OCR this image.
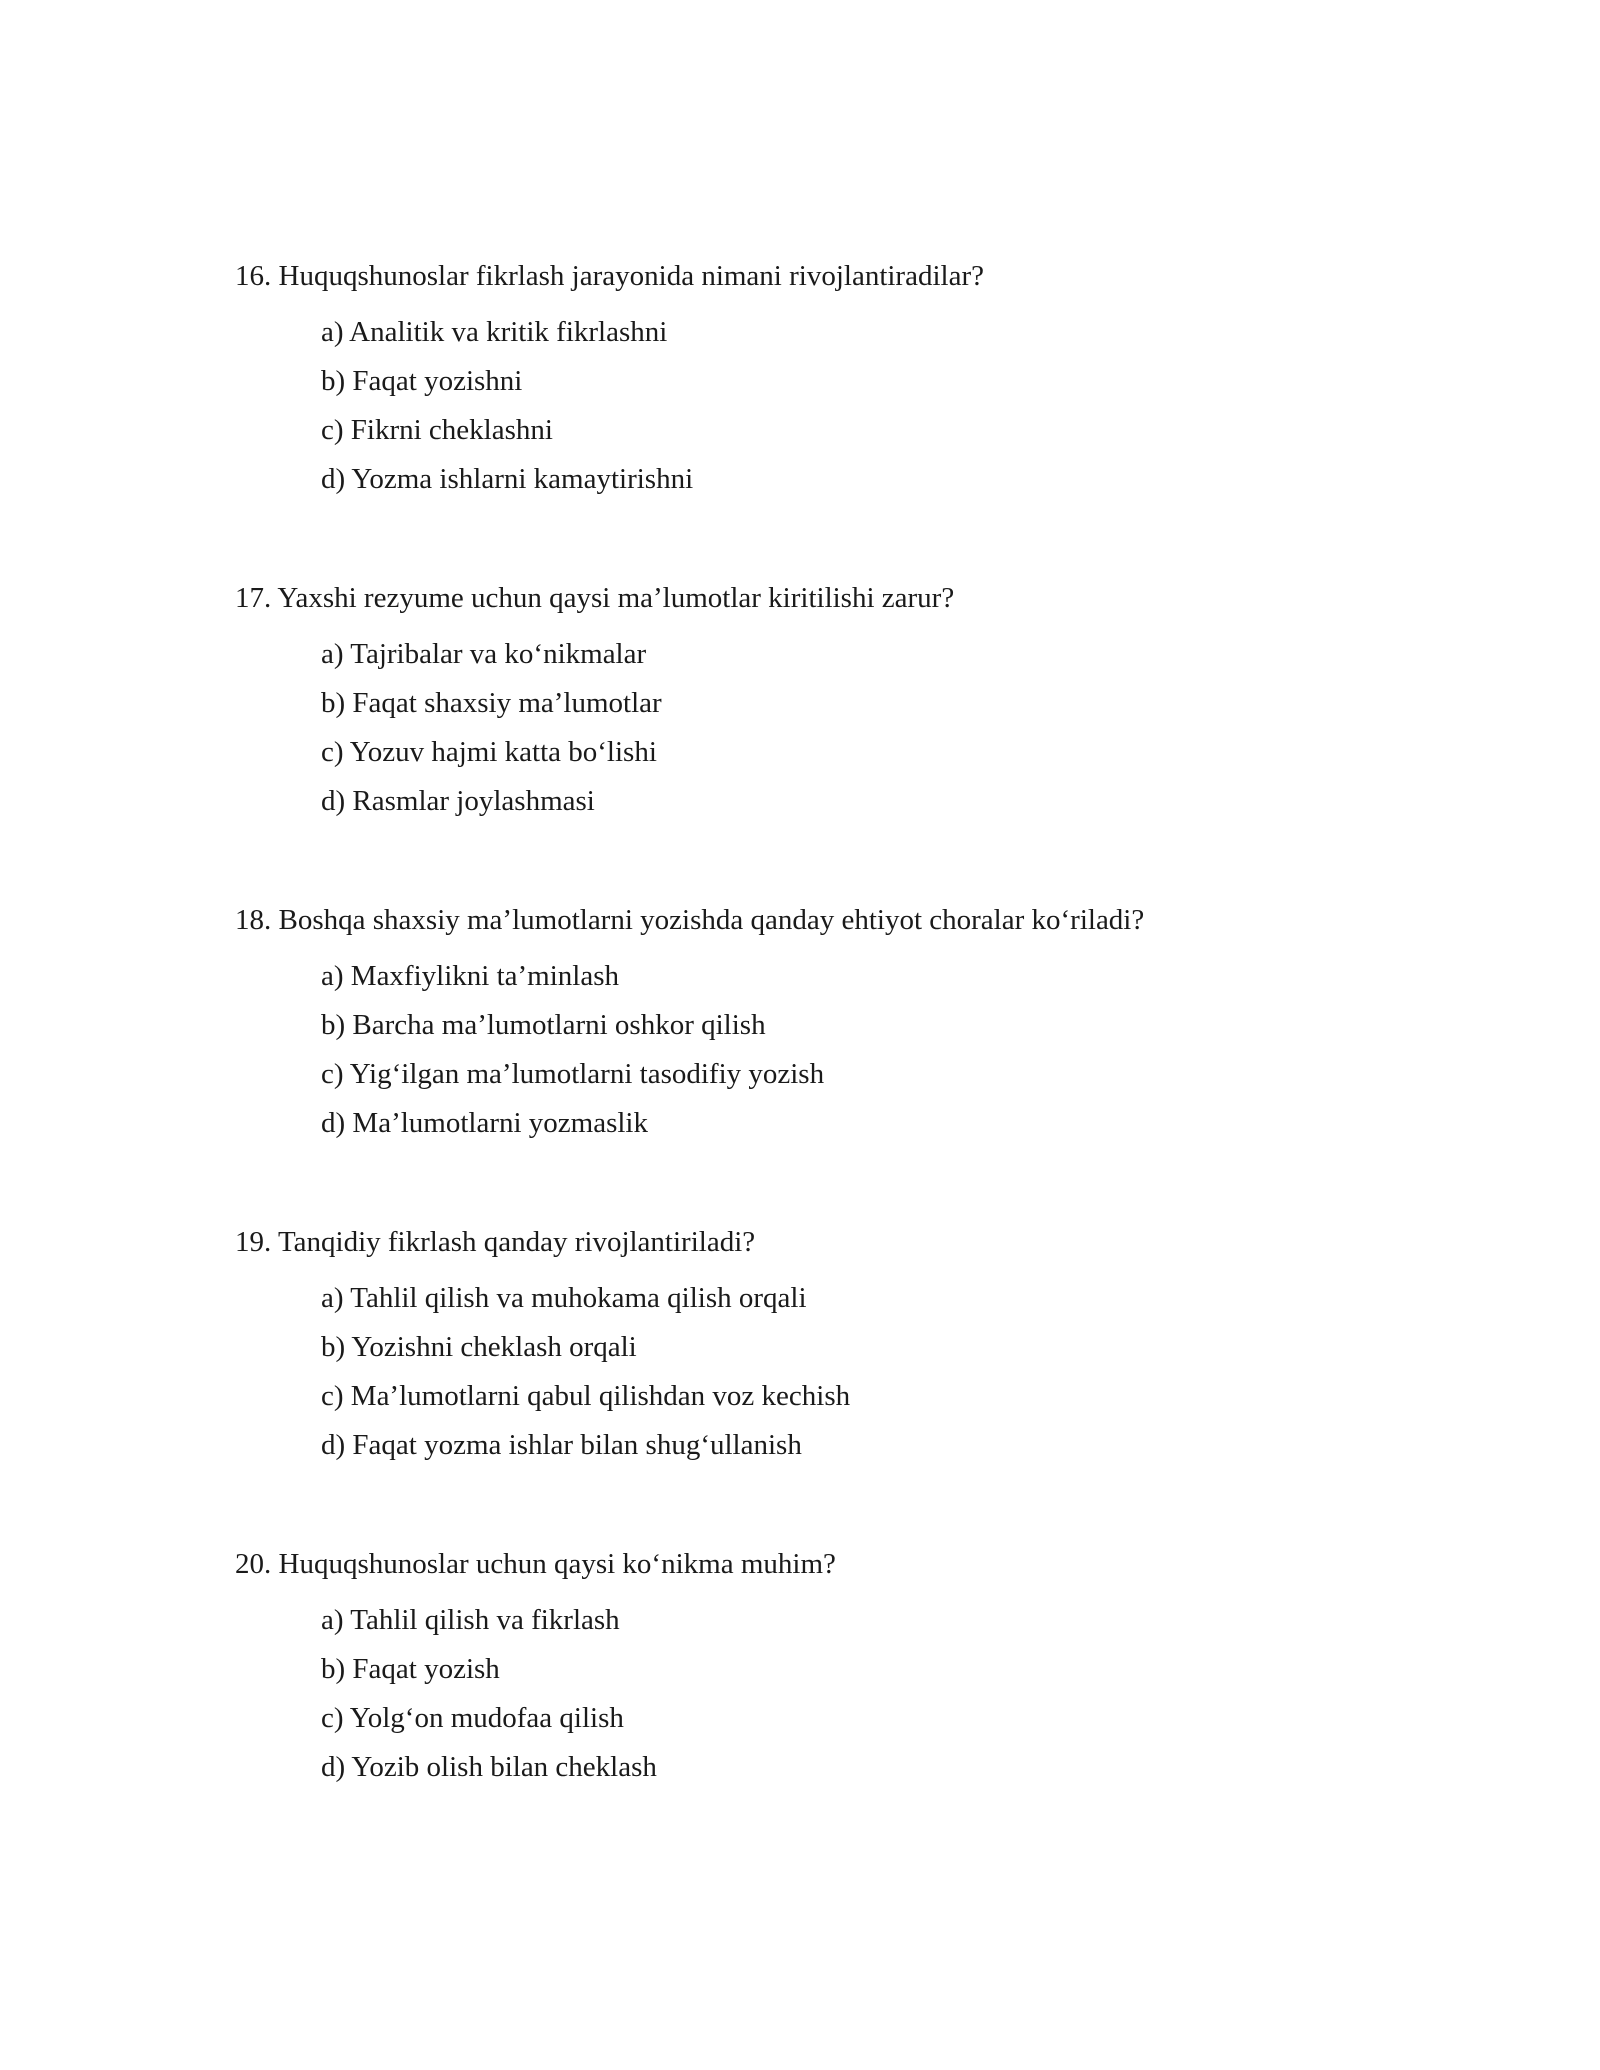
16. Huquqshunoslar fikrlash jarayonida nimani rivojlantiradilar?

a) Analitik va kritik fikrlashni
b) Faqat yozishni
c) Fikrni cheklashni
d) Yozma ishlarni kamaytirishni

17. Yaxshi rezyume uchun qaysi ma’lumotlar kiritilishi zarur?

a) Tajribalar va ko‘nikmalar
b) Faqat shaxsiy ma’lumotlar
c) Yozuv hajmi katta bo‘lishi
d) Rasmlar joylashmasi

18. Boshqa shaxsiy ma’lumotlarni yozishda qanday ehtiyot choralar ko‘riladi?

a) Maxfiylikni ta’minlash
b) Barcha ma’lumotlarni oshkor qilish
c) Yig‘ilgan ma’lumotlarni tasodifiy yozish
d) Ma’lumotlarni yozmaslik

19. Tanqidiy fikrlash qanday rivojlantiriladi?

a) Tahlil qilish va muhokama qilish orqali
b) Yozishni cheklash orqali
c) Ma’lumotlarni qabul qilishdan voz kechish
d) Faqat yozma ishlar bilan shug‘ullanish

20. Huquqshunoslar uchun qaysi ko‘nikma muhim?

a) Tahlil qilish va fikrlash
b) Faqat yozish
c) Yolg‘on mudofaa qilish
d) Yozib olish bilan cheklash
